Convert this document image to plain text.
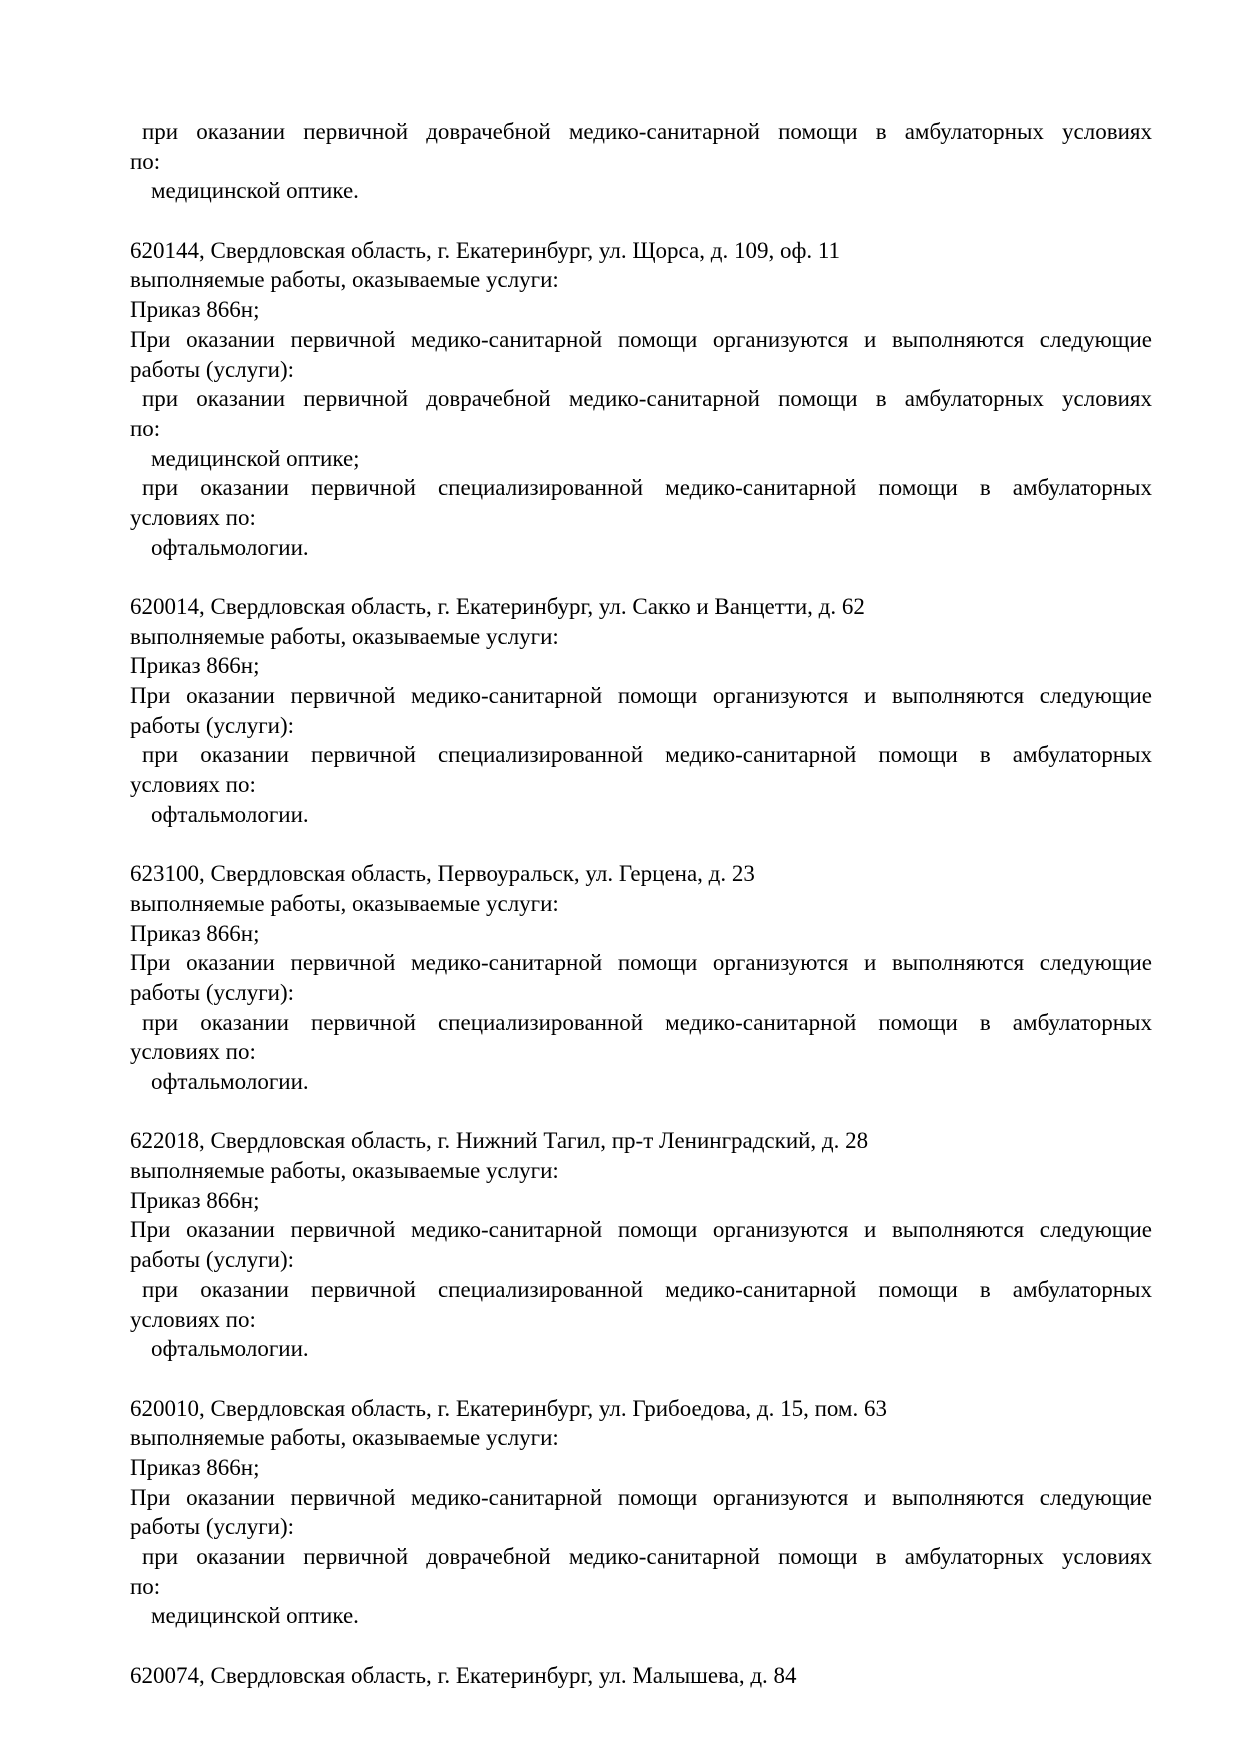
при оказании первичной доврачебной медико-санитарной помощи в амбулаторных условиях
по:
медицинской оптике.
620144, Свердловская область, г. Екатеринбург, ул. Щорса, д. 109, оф. 11
выполняемые работы, оказываемые услуги:
Приказ 866н;
При оказании первичной медико-санитарной помощи организуются и выполняются следующие
работы (услуги):
при оказании первичной доврачебной медико-санитарной помощи в амбулаторных условиях
по:
медицинской оптике;
при оказании первичной специализированной медико-санитарной помощи в амбулаторных
условиях по:
офтальмологии.
620014, Свердловская область, г. Екатеринбург, ул. Сакко и Ванцетти, д. 62
выполняемые работы, оказываемые услуги:
Приказ 866н;
При оказании первичной медико-санитарной помощи организуются и выполняются следующие
работы (услуги):
при оказании первичной специализированной медико-санитарной помощи в амбулаторных
условиях по:
офтальмологии.
623100, Свердловская область, Первоуральск, ул. Герцена, д. 23
выполняемые работы, оказываемые услуги:
Приказ 866н;
При оказании первичной медико-санитарной помощи организуются и выполняются следующие
работы (услуги):
при оказании первичной специализированной медико-санитарной помощи в амбулаторных
условиях по:
офтальмологии.
622018, Свердловская область, г. Нижний Тагил, пр-т Ленинградский, д. 28
выполняемые работы, оказываемые услуги:
Приказ 866н;
При оказании первичной медико-санитарной помощи организуются и выполняются следующие
работы (услуги):
при оказании первичной специализированной медико-санитарной помощи в амбулаторных
условиях по:
офтальмологии.
620010, Свердловская область, г. Екатеринбург, ул. Грибоедова, д. 15, пом. 63
выполняемые работы, оказываемые услуги:
Приказ 866н;
При оказании первичной медико-санитарной помощи организуются и выполняются следующие
работы (услуги):
при оказании первичной доврачебной медико-санитарной помощи в амбулаторных условиях
по:
медицинской оптике.
620074, Свердловская область, г. Екатеринбург, ул. Малышева, д. 84
